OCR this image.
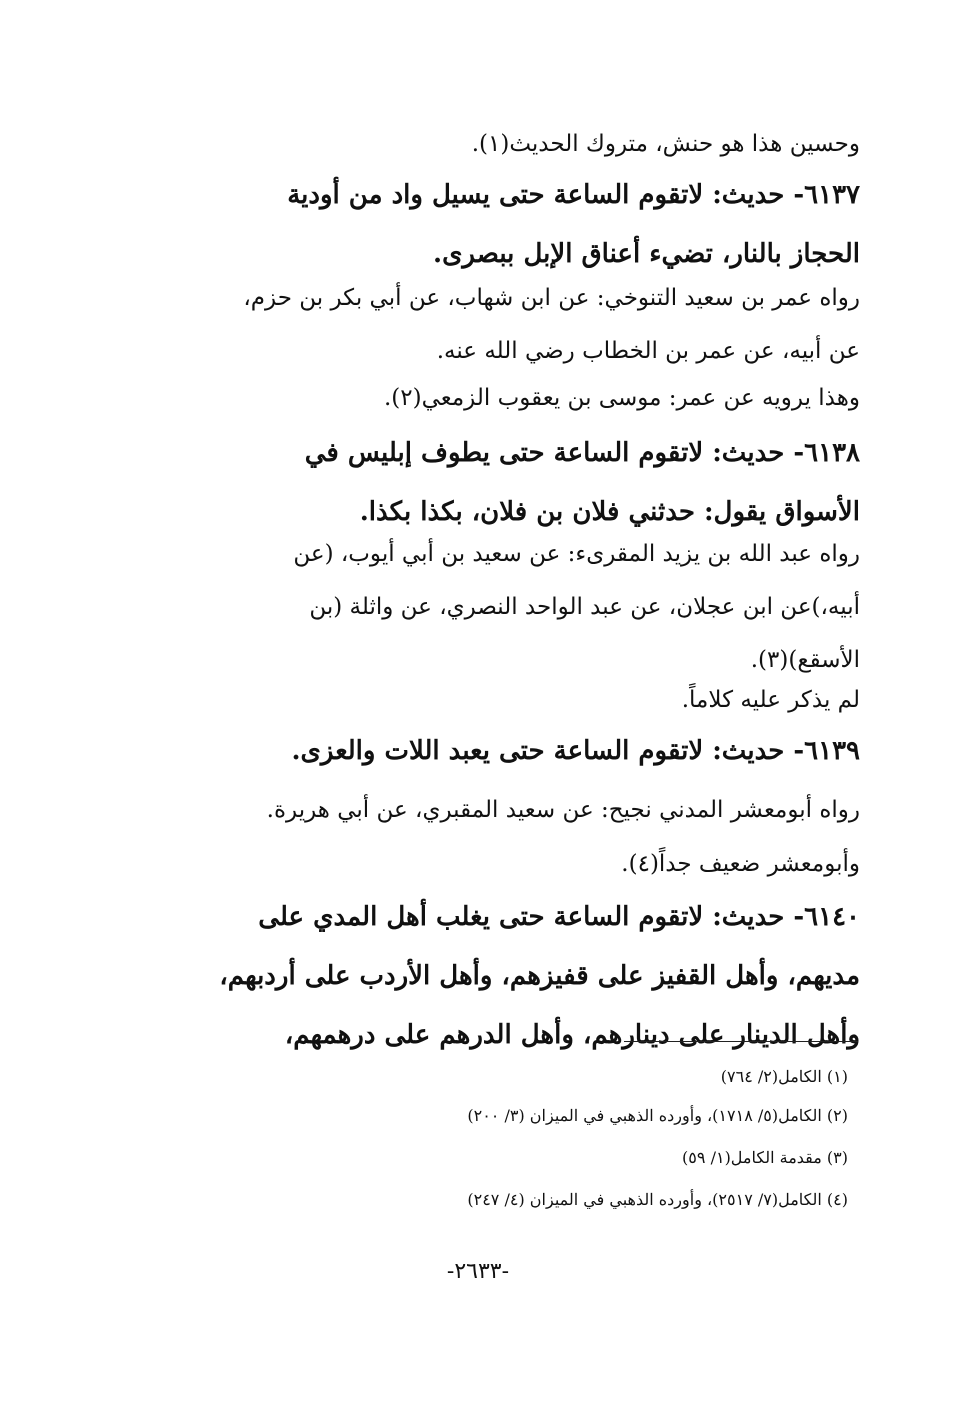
وحسين هذا هو حنش، متروك الحديث(١).
٦١٣٧- حديث: لاتقوم الساعة حتى يسيل واد من أودية
الحجاز بالنار، تضيء أعناق الإبل ببصرى.
رواه عمر بن سعيد التنوخي: عن ابن شهاب، عن أبي بكر بن حزم،
عن أبيه، عن عمر بن الخطاب رضي الله عنه.
وهذا يرويه عن عمر: موسى بن يعقوب الزمعي(٢).
٦١٣٨- حديث: لاتقوم الساعة حتى يطوف إبليس في
الأسواق يقول: حدثني فلان بن فلان، بكذا بكذا.
رواه عبد الله بن يزيد المقرىء: عن سعيد بن أبي أيوب، (عن
أبيه،)عن ابن عجلان، عن عبد الواحد النصري، عن واثلة (بن
الأسقع)(٣).
لم يذكر عليه كلاماً.
٦١٣٩- حديث: لاتقوم الساعة حتى يعبد اللات والعزى.
رواه أبومعشر المدني نجيح: عن سعيد المقبري، عن أبي هريرة.
وأبومعشر ضعيف جداً(٤).
٦١٤٠- حديث: لاتقوم الساعة حتى يغلب أهل المدي على
مديهم، وأهل القفيز على قفيزهم، وأهل الأردب على أردبهم،
وأهل الدينار على دينارهم، وأهل الدرهم على درهمهم،
(١) الكامل(٢/ ٧٦٤)
(٢) الكامل(٥/ ١٧١٨)، وأورده الذهبي في الميزان (٣/ ٢٠٠)
(٣) مقدمة الكامل(١/ ٥٩)
(٤) الكامل(٧/ ٢٥١٧)، وأورده الذهبي في الميزان (٤/ ٢٤٧)
-٢٦٣٣-
